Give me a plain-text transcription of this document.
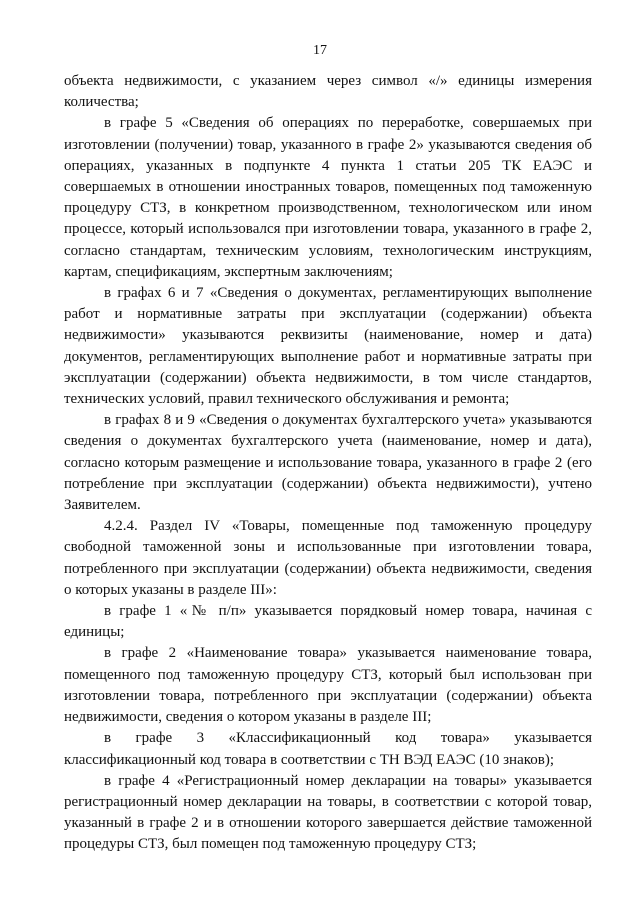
17

объекта недвижимости, с указанием через символ «/» единицы измерения количества;

в графе 5 «Сведения об операциях по переработке, совершаемых при изготовлении (получении) товар, указанного в графе 2» указываются сведения об операциях, указанных в подпункте 4 пункта 1 статьи 205 ТК ЕАЭС и совершаемых в отношении иностранных товаров, помещенных под таможенную процедуру СТЗ, в конкретном производственном, технологическом или ином процессе, который использовался при изготовлении товара, указанного в графе 2, согласно стандартам, техническим условиям, технологическим инструкциям, картам, спецификациям, экспертным заключениям;

в графах 6 и 7 «Сведения о документах, регламентирующих выполнение работ и нормативные затраты при эксплуатации (содержании) объекта недвижимости» указываются реквизиты (наименование, номер и дата) документов, регламентирующих выполнение работ и нормативные затраты при эксплуатации (содержании) объекта недвижимости, в том числе стандартов, технических условий, правил технического обслуживания и ремонта;

в графах 8 и 9 «Сведения о документах бухгалтерского учета» указываются сведения о документах бухгалтерского учета (наименование, номер и дата), согласно которым размещение и использование товара, указанного в графе 2 (его потребление при эксплуатации (содержании) объекта недвижимости), учтено Заявителем.

4.2.4. Раздел IV «Товары, помещенные под таможенную процедуру свободной таможенной зоны и использованные при изготовлении товара, потребленного при эксплуатации (содержании) объекта недвижимости, сведения о которых указаны в разделе III»:

в графе 1 «№ п/п» указывается порядковый номер товара, начиная с единицы;

в графе 2 «Наименование товара» указывается наименование товара, помещенного под таможенную процедуру СТЗ, который был использован при изготовлении товара, потребленного при эксплуатации (содержании) объекта недвижимости, сведения о котором указаны в разделе III;

в графе 3 «Классификационный код товара» указывается классификационный код товара в соответствии с ТН ВЭД ЕАЭС (10 знаков);

в графе 4 «Регистрационный номер декларации на товары» указывается регистрационный номер декларации на товары, в соответствии с которой товар, указанный в графе 2 и в отношении которого завершается действие таможенной процедуры СТЗ, был помещен под таможенную процедуру СТЗ;
